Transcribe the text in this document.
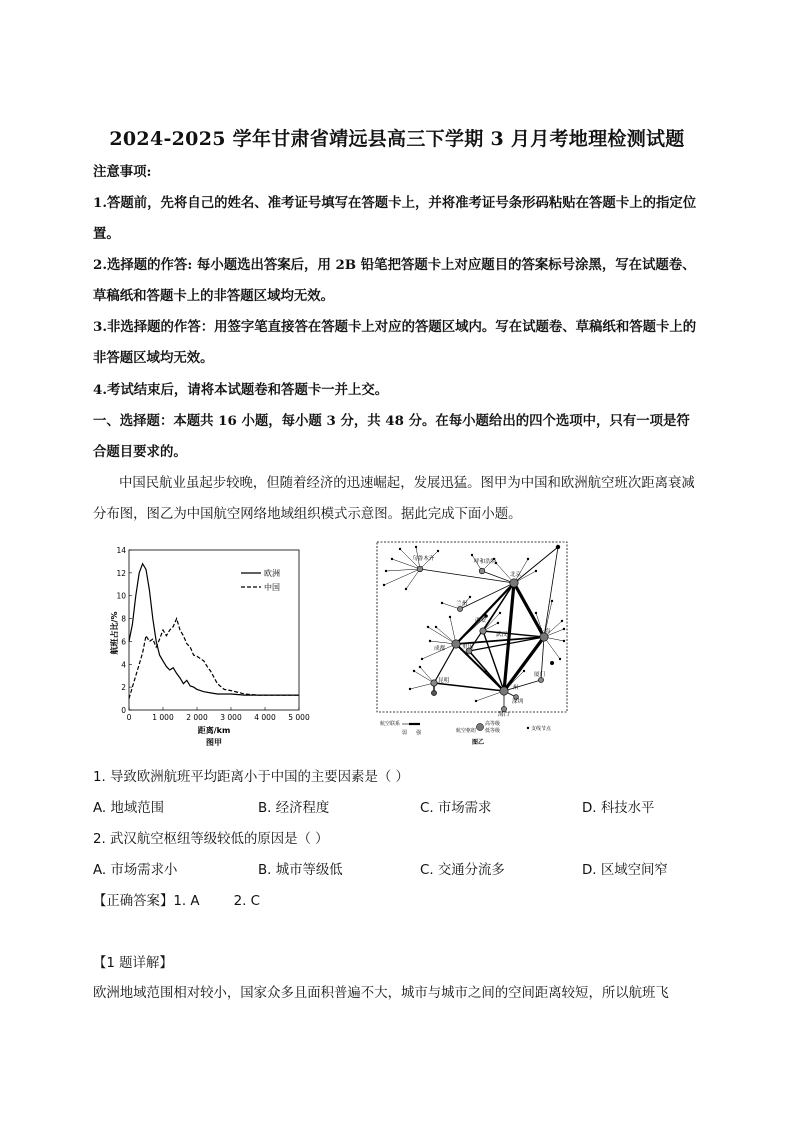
2024-2025 学年甘肃省靖远县高三下学期 3 月月考地理检测试题
注意事项:
1.答题前，先将自己的姓名、准考证号填写在答题卡上，并将准考证号条形码粘贴在答题卡上的指定位置。
2.选择题的作答: 每小题选出答案后，用 2B 铅笔把答题卡上对应题目的答案标号涂黑，写在试题卷、草稿纸和答题卡上的非答题区域均无效。
3.非选择题的作答：用签字笔直接答在答题卡上对应的答题区域内。写在试题卷、草稿纸和答题卡上的非答题区域均无效。
4.考试结束后，请将本试题卷和答题卡一并上交。
一、选择题：本题共 16 小题，每小题 3 分，共 48 分。在每小题给出的四个选项中，只有一项是符合题目要求的。
中国民航业虽起步较晚，但随着经济的迅速崛起，发展迅猛。图甲为中国和欧洲航空班次距离衰减分布图，图乙为中国航空网络地域组织模式示意图。据此完成下面小题。
0
2
4
6
8
10
12
14
0	1 000 2 000 3 000 4 000 5 000
欧洲
中国
航班占比/%
距离/km
图甲
乌鲁木齐	呼和浩特
北京
兰州
西安
武汉	上海
成都	重庆
昆明
厦门
广州
深圳
海口
航空联系
弱 强	航空枢纽
高等级
低等级	支线节点
图乙
1. 导致欧洲航班平均距离小于中国的主要因素是（ ）
A. 地域范围	B. 经济程度	C. 市场需求	D. 科技水平
2. 武汉航空枢纽等级较低的原因是（ ）
A. 市场需求小	B. 城市等级低	C. 交通分流多	D. 区域空间窄
【正确答案】1. A        2. C
【1 题详解】
欧洲地域范围相对较小，国家众多且面积普遍不大，城市与城市之间的空间距离较短，所以航班飞
